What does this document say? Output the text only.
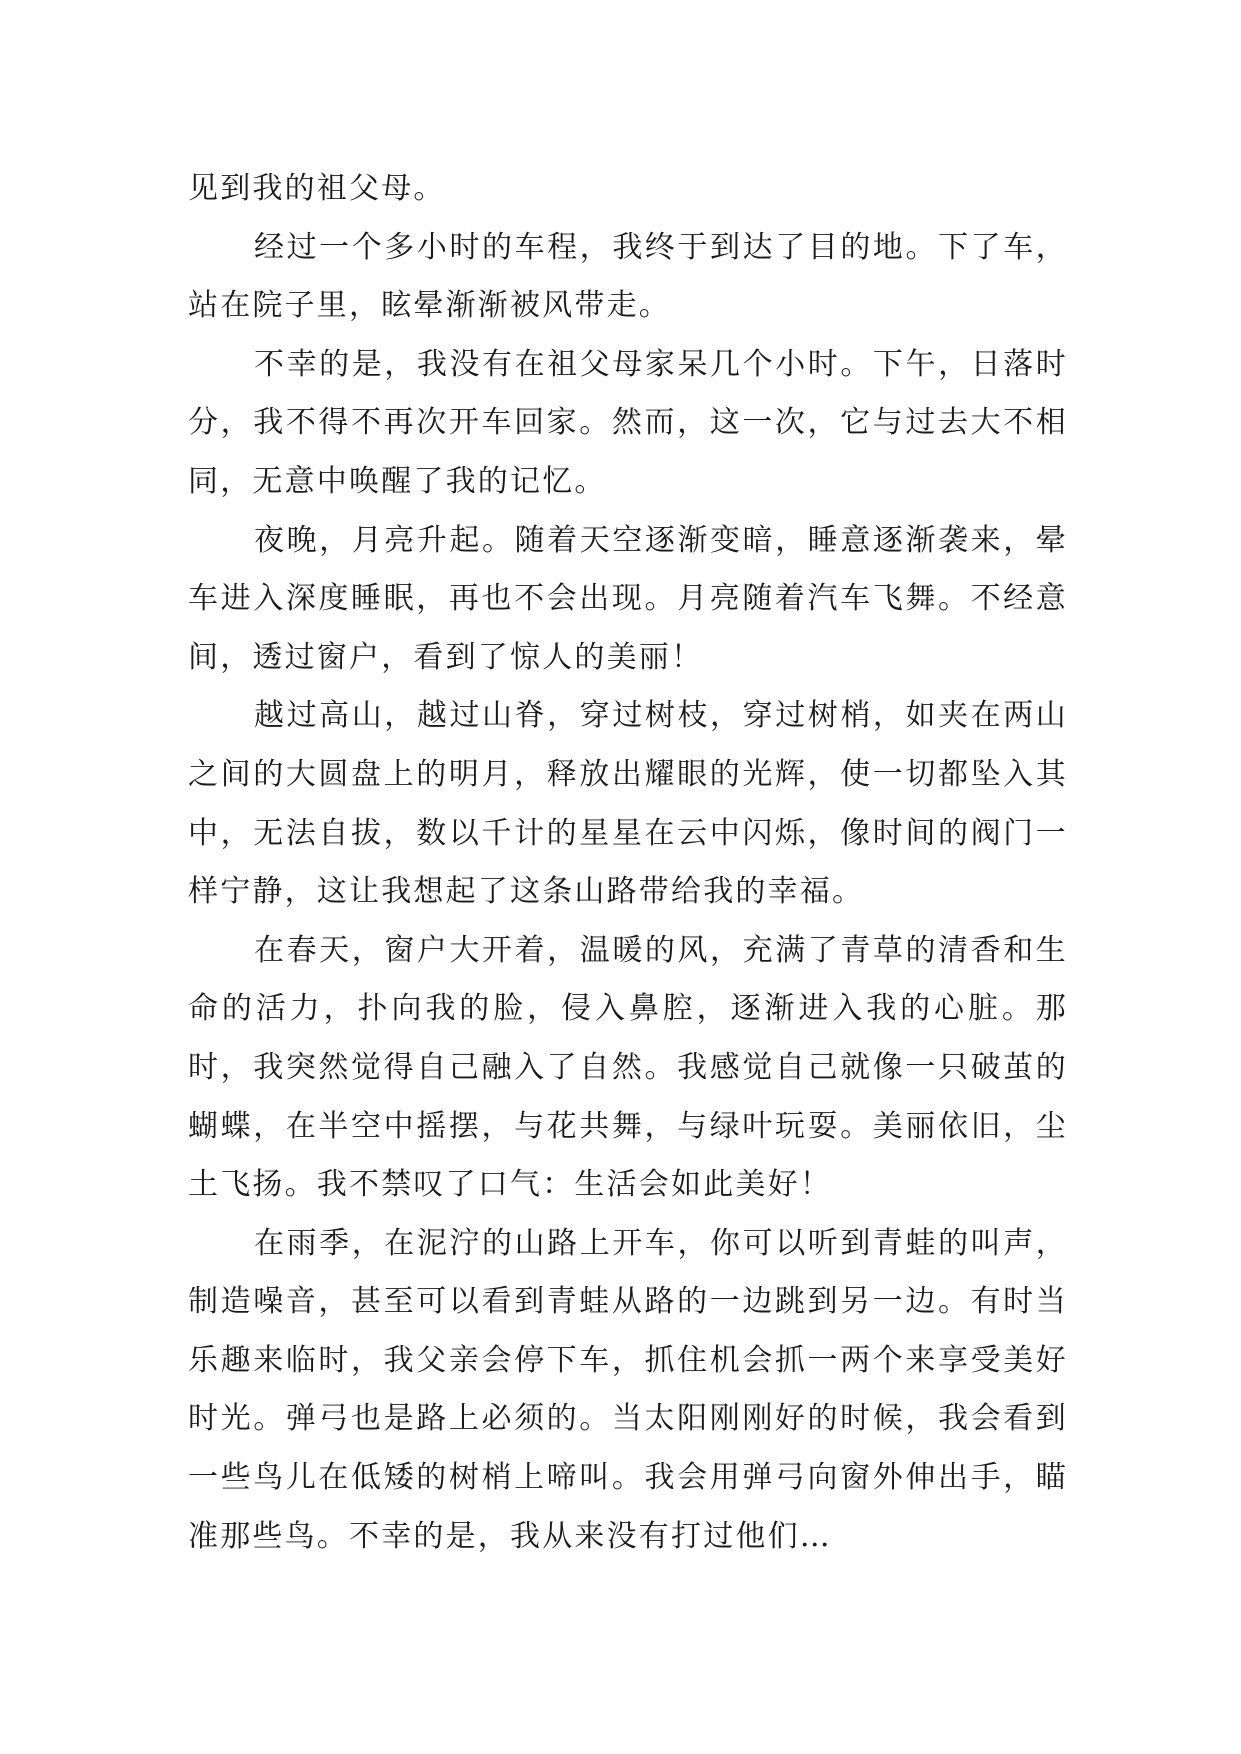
见到我的祖父母。

经过一个多小时的车程，我终于到达了目的地。下了车，站在院子里，眩晕渐渐被风带走。

不幸的是，我没有在祖父母家呆几个小时。下午，日落时分，我不得不再次开车回家。然而，这一次，它与过去大不相同，无意中唤醒了我的记忆。

夜晚，月亮升起。随着天空逐渐变暗，睡意逐渐袭来，晕车进入深度睡眠，再也不会出现。月亮随着汽车飞舞。不经意间，透过窗户，看到了惊人的美丽！

越过高山，越过山脊，穿过树枝，穿过树梢，如夹在两山之间的大圆盘上的明月，释放出耀眼的光辉，使一切都坠入其中，无法自拔，数以千计的星星在云中闪烁，像时间的阀门一样宁静，这让我想起了这条山路带给我的幸福。

在春天，窗户大开着，温暖的风，充满了青草的清香和生命的活力，扑向我的脸，侵入鼻腔，逐渐进入我的心脏。那时，我突然觉得自己融入了自然。我感觉自己就像一只破茧的蝴蝶，在半空中摇摆，与花共舞，与绿叶玩耍。美丽依旧，尘土飞扬。我不禁叹了口气：生活会如此美好！

在雨季，在泥泞的山路上开车，你可以听到青蛙的叫声，制造噪音，甚至可以看到青蛙从路的一边跳到另一边。有时当乐趣来临时，我父亲会停下车，抓住机会抓一两个来享受美好时光。弹弓也是路上必须的。当太阳刚刚好的时候，我会看到一些鸟儿在低矮的树梢上啼叫。我会用弹弓向窗外伸出手，瞄准那些鸟。不幸的是，我从来没有打过他们…
